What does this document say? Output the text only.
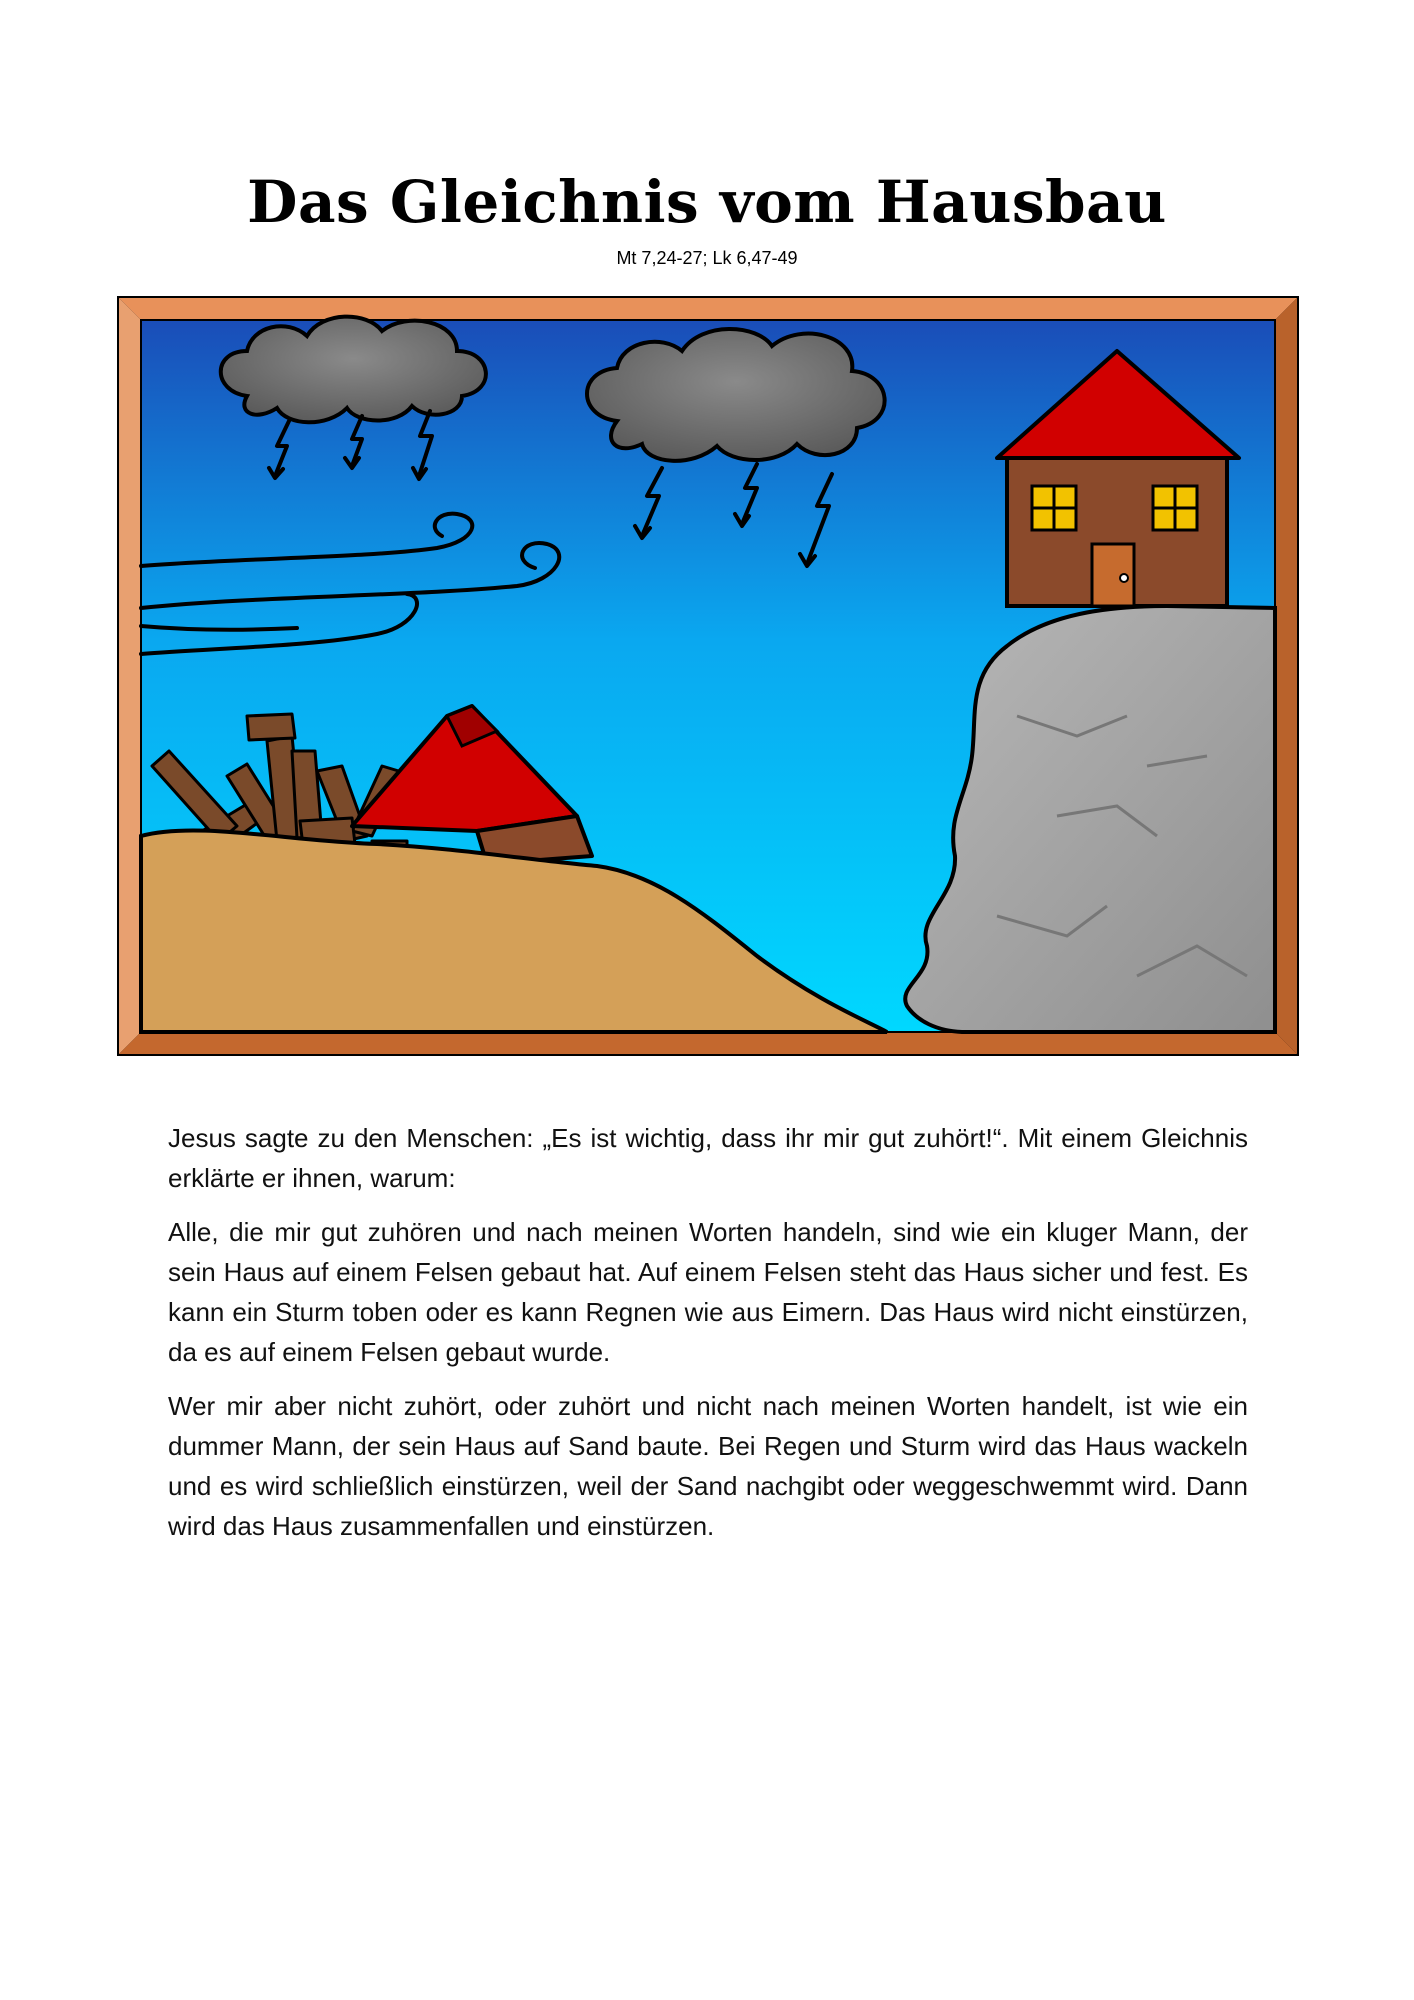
Das Gleichnis vom Hausbau
Mt 7,24-27; Lk 6,47-49

Jesus sagte zu den Menschen: „Es ist wichtig, dass ihr mir gut zuhört!“. Mit einem Gleichnis erklärte er ihnen, warum:

Alle, die mir gut zuhören und nach meinen Worten handeln, sind wie ein kluger Mann, der sein Haus auf einem Felsen gebaut hat. Auf einem Felsen steht das Haus sicher und fest. Es kann ein Sturm toben oder es kann Regnen wie aus Eimern. Das Haus wird nicht einstürzen, da es auf einem Felsen gebaut wurde.

Wer mir aber nicht zuhört, oder zuhört und nicht nach meinen Worten handelt, ist wie ein dummer Mann, der sein Haus auf Sand baute. Bei Regen und Sturm wird das Haus wackeln und es wird schließlich einstürzen, weil der Sand nachgibt oder weggeschwemmt wird. Dann wird das Haus zusammenfallen und einstürzen.
